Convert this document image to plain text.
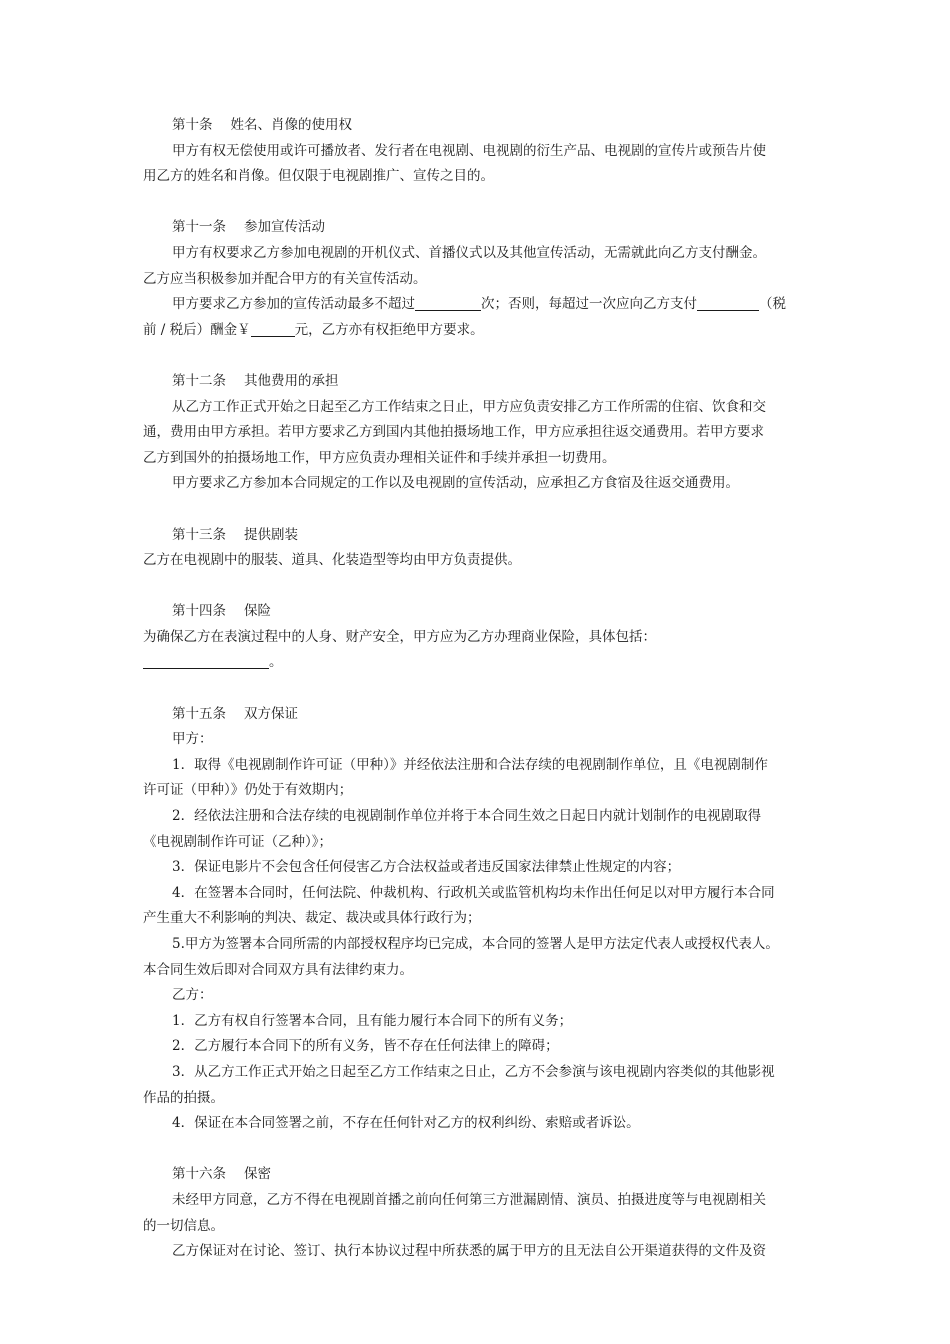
第十条 姓名、肖像的使用权
甲方有权无偿使用或许可播放者、发行者在电视剧、电视剧的衍生产品、电视剧的宣传片或预告片使
用乙方的姓名和肖像。但仅限于电视剧推广、宣传之目的。
第十一条 参加宣传活动
甲方有权要求乙方参加电视剧的开机仪式、首播仪式以及其他宣传活动，无需就此向乙方支付酬金。
乙方应当积极参加并配合甲方的有关宣传活动。
甲方要求乙方参加的宣传活动最多不超过	次；否则，每超过一次应向乙方支付	（税
前 / 税后）酬金￥	元，乙方亦有权拒绝甲方要求。
第十二条 其他费用的承担
从乙方工作正式开始之日起至乙方工作结束之日止，甲方应负责安排乙方工作所需的住宿、饮食和交
通，费用由甲方承担。若甲方要求乙方到国内其他拍摄场地工作，甲方应承担往返交通费用。若甲方要求
乙方到国外的拍摄场地工作，甲方应负责办理相关证件和手续并承担一切费用。
甲方要求乙方参加本合同规定的工作以及电视剧的宣传活动，应承担乙方食宿及往返交通费用。
第十三条 提供剧装
乙方在电视剧中的服装、道具、化装造型等均由甲方负责提供。
第十四条 保险
为确保乙方在表演过程中的人身、财产安全，甲方应为乙方办理商业保险，具体包括：
。
第十五条 双方保证
甲方：
1．取得《电视剧制作许可证（甲种）》并经依法注册和合法存续的电视剧制作单位，且《电视剧制作
许可证（甲种）》仍处于有效期内；
2．经依法注册和合法存续的电视剧制作单位并将于本合同生效之日起日内就计划制作的电视剧取得
《电视剧制作许可证（乙种）》；
3．保证电影片不会包含任何侵害乙方合法权益或者违反国家法律禁止性规定的内容；
4．在签署本合同时，任何法院、仲裁机构、行政机关或监管机构均未作出任何足以对甲方履行本合同
产生重大不利影响的判决、裁定、裁决或具体行政行为；
5.甲方为签署本合同所需的内部授权程序均已完成，本合同的签署人是甲方法定代表人或授权代表人。
本合同生效后即对合同双方具有法律约束力。
乙方：
1．乙方有权自行签署本合同，且有能力履行本合同下的所有义务；
2．乙方履行本合同下的所有义务，皆不存在任何法律上的障碍；
3．从乙方工作正式开始之日起至乙方工作结束之日止，乙方不会参演与该电视剧内容类似的其他影视
作品的拍摄。
4．保证在本合同签署之前，不存在任何针对乙方的权利纠纷、索赔或者诉讼。
第十六条 保密
未经甲方同意，乙方不得在电视剧首播之前向任何第三方泄漏剧情、演员、拍摄进度等与电视剧相关
的一切信息。
乙方保证对在讨论、签订、执行本协议过程中所获悉的属于甲方的且无法自公开渠道获得的文件及资
